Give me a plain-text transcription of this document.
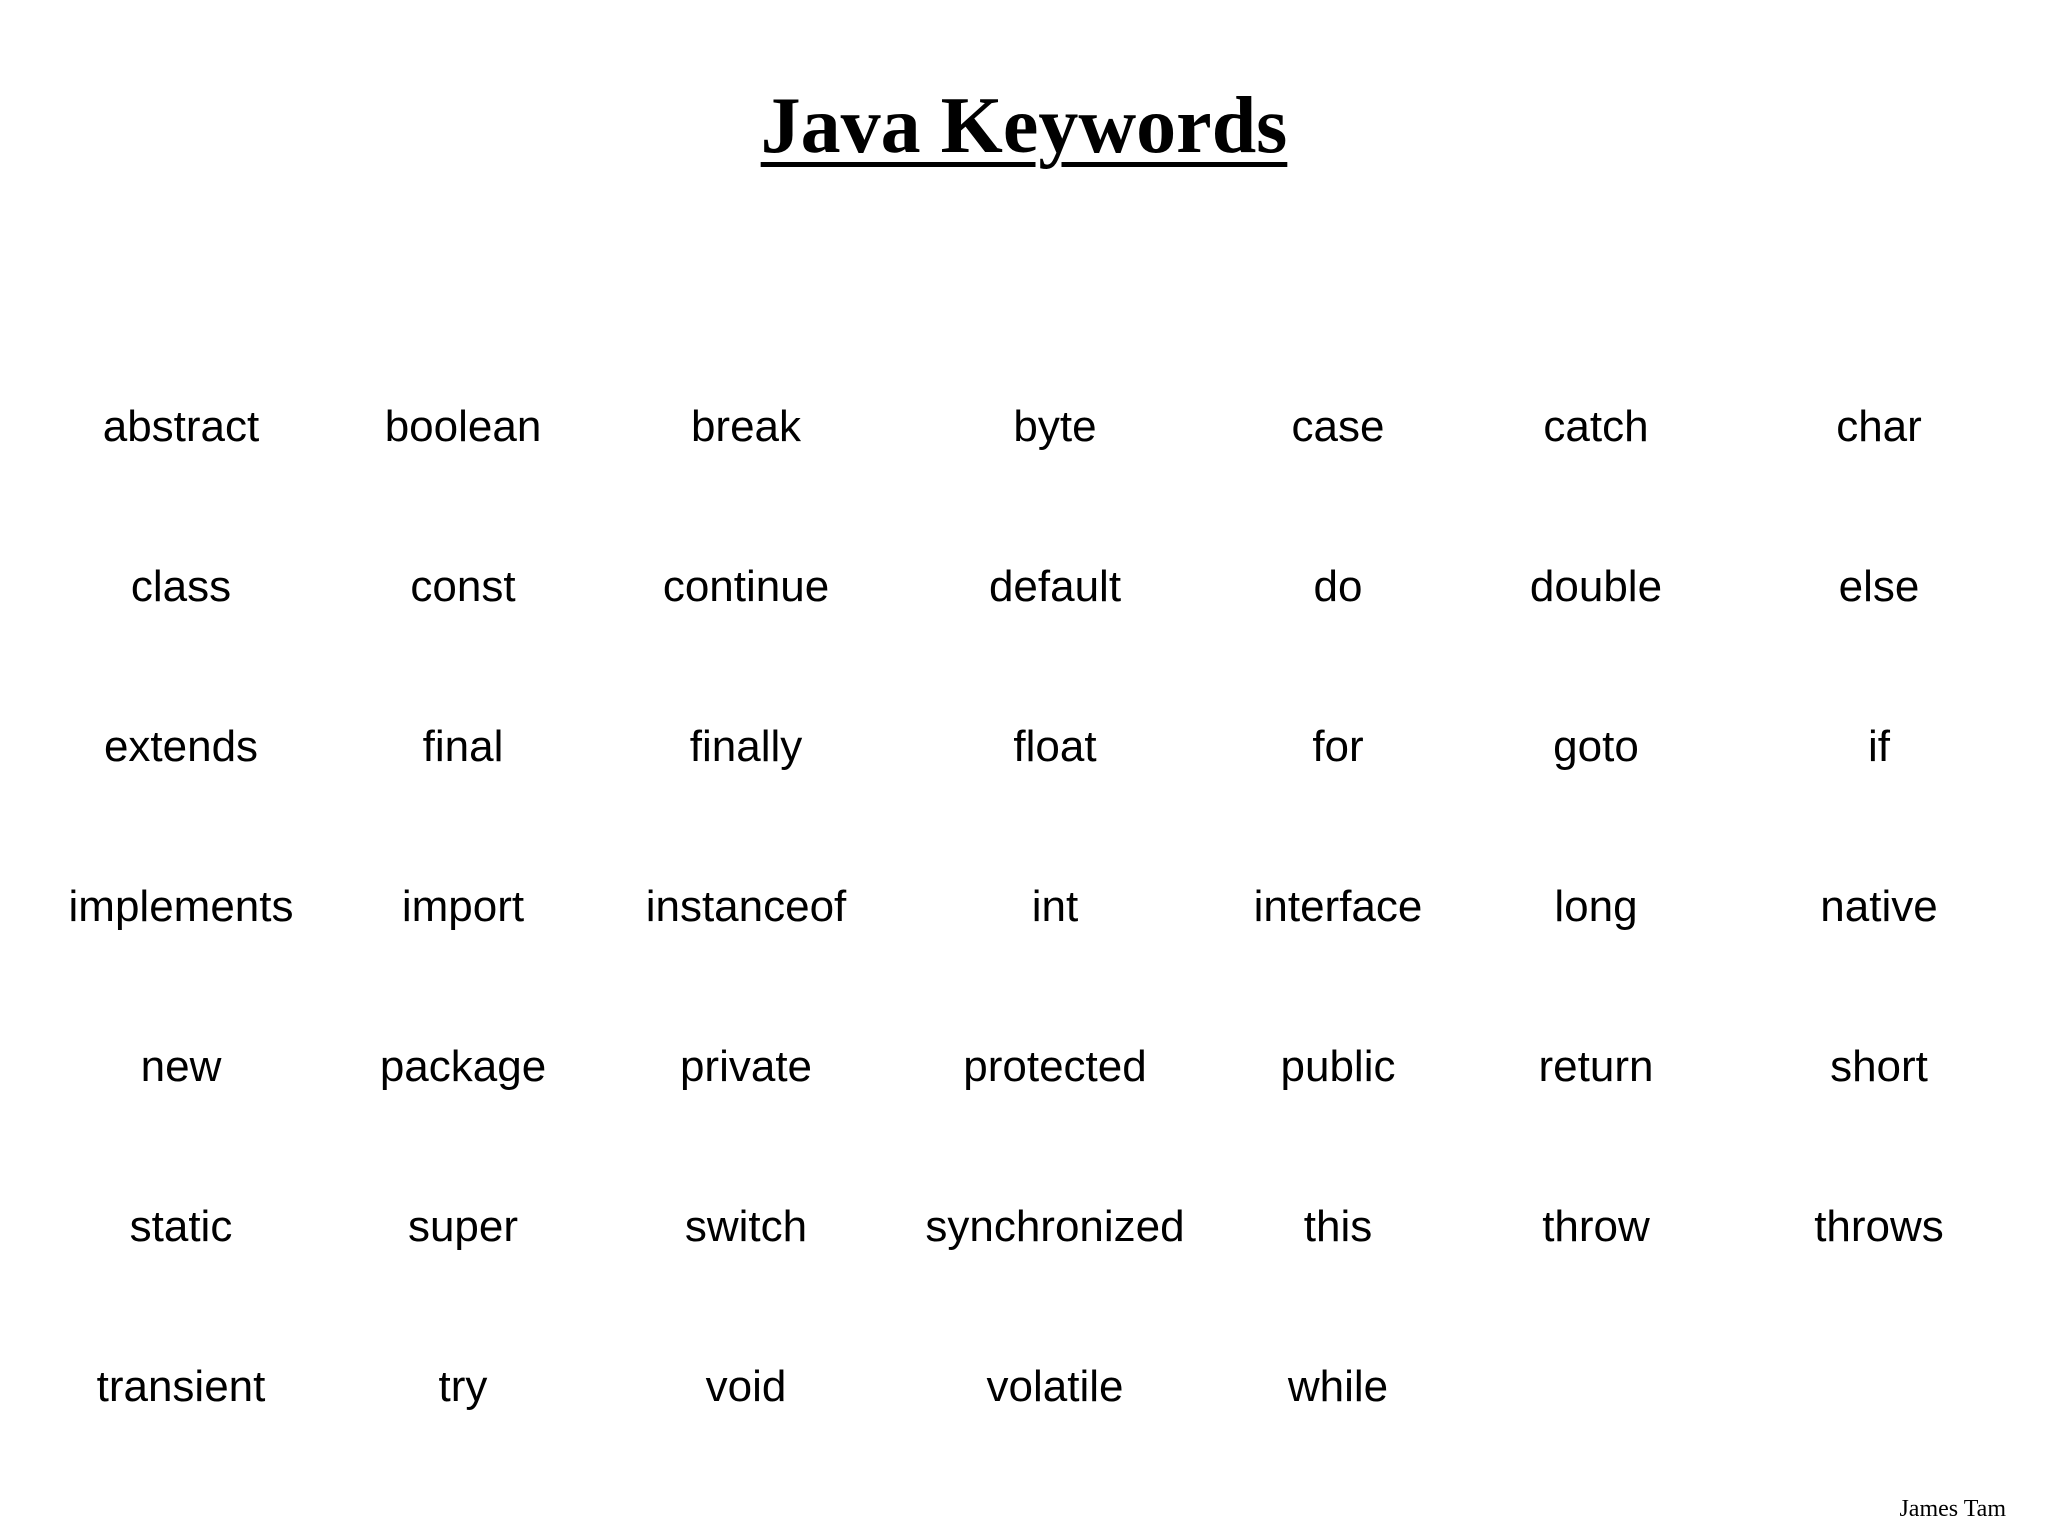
Java Keywords
abstract	boolean	break	byte	case	catch	char
class	const	continue	default	do	double	else
extends	final	finally	float	for	goto	if
implements	import	instanceof	int	interface	long	native
new	package	private	protected	public	return	short
static	super	switch	synchronized	this	throw	throws
transient	try	void	volatile	while
James Tam
